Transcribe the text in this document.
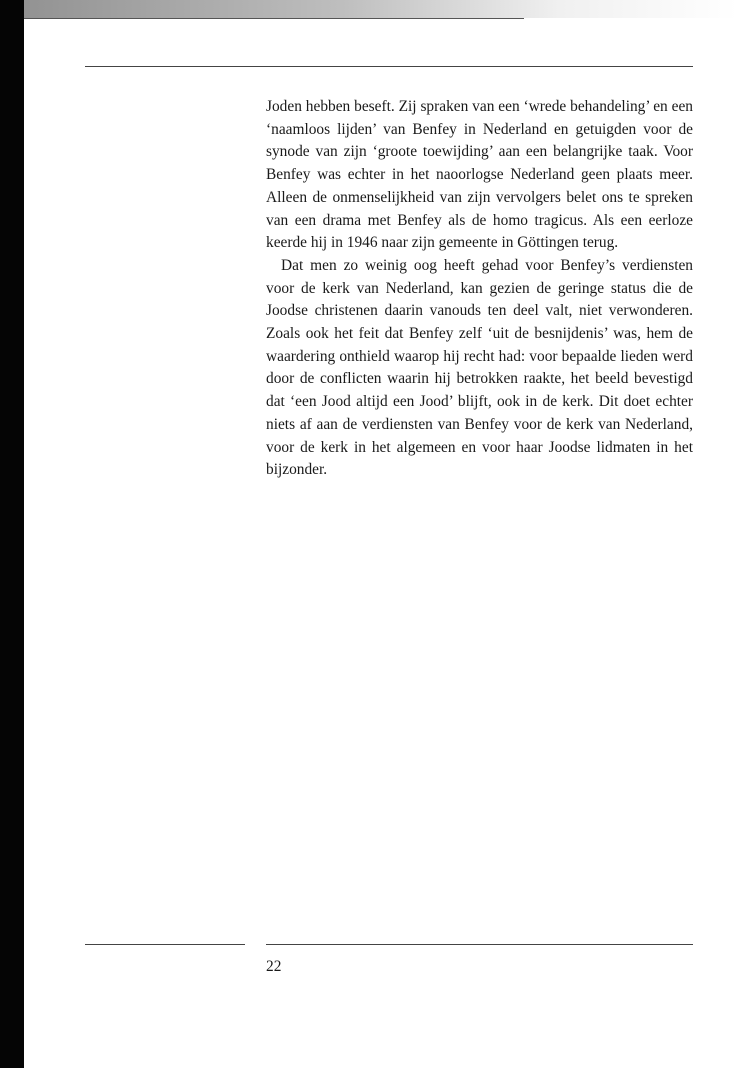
Joden hebben beseft. Zij spraken van een ‘wrede behandeling’ en een ‘naamloos lijden’ van Benfey in Nederland en getuigden voor de synode van zijn ‘groote toewijding’ aan een belangrijke taak. Voor Benfey was echter in het naoorlogse Nederland geen plaats meer. Alleen de onmenselijkheid van zijn vervolgers belet ons te spreken van een drama met Benfey als de homo tragicus. Als een eerloze keerde hij in 1946 naar zijn gemeente in Göttingen terug.

Dat men zo weinig oog heeft gehad voor Benfey’s verdiensten voor de kerk van Nederland, kan gezien de geringe status die de Joodse christenen daarin vanouds ten deel valt, niet verwonderen. Zoals ook het feit dat Benfey zelf ‘uit de besnijdenis’ was, hem de waardering onthield waarop hij recht had: voor bepaalde lieden werd door de conflicten waarin hij betrokken raakte, het beeld bevestigd dat ‘een Jood altijd een Jood’ blijft, ook in de kerk. Dit doet echter niets af aan de verdiensten van Benfey voor de kerk van Nederland, voor de kerk in het algemeen en voor haar Joodse lidmaten in het bijzonder.

22
